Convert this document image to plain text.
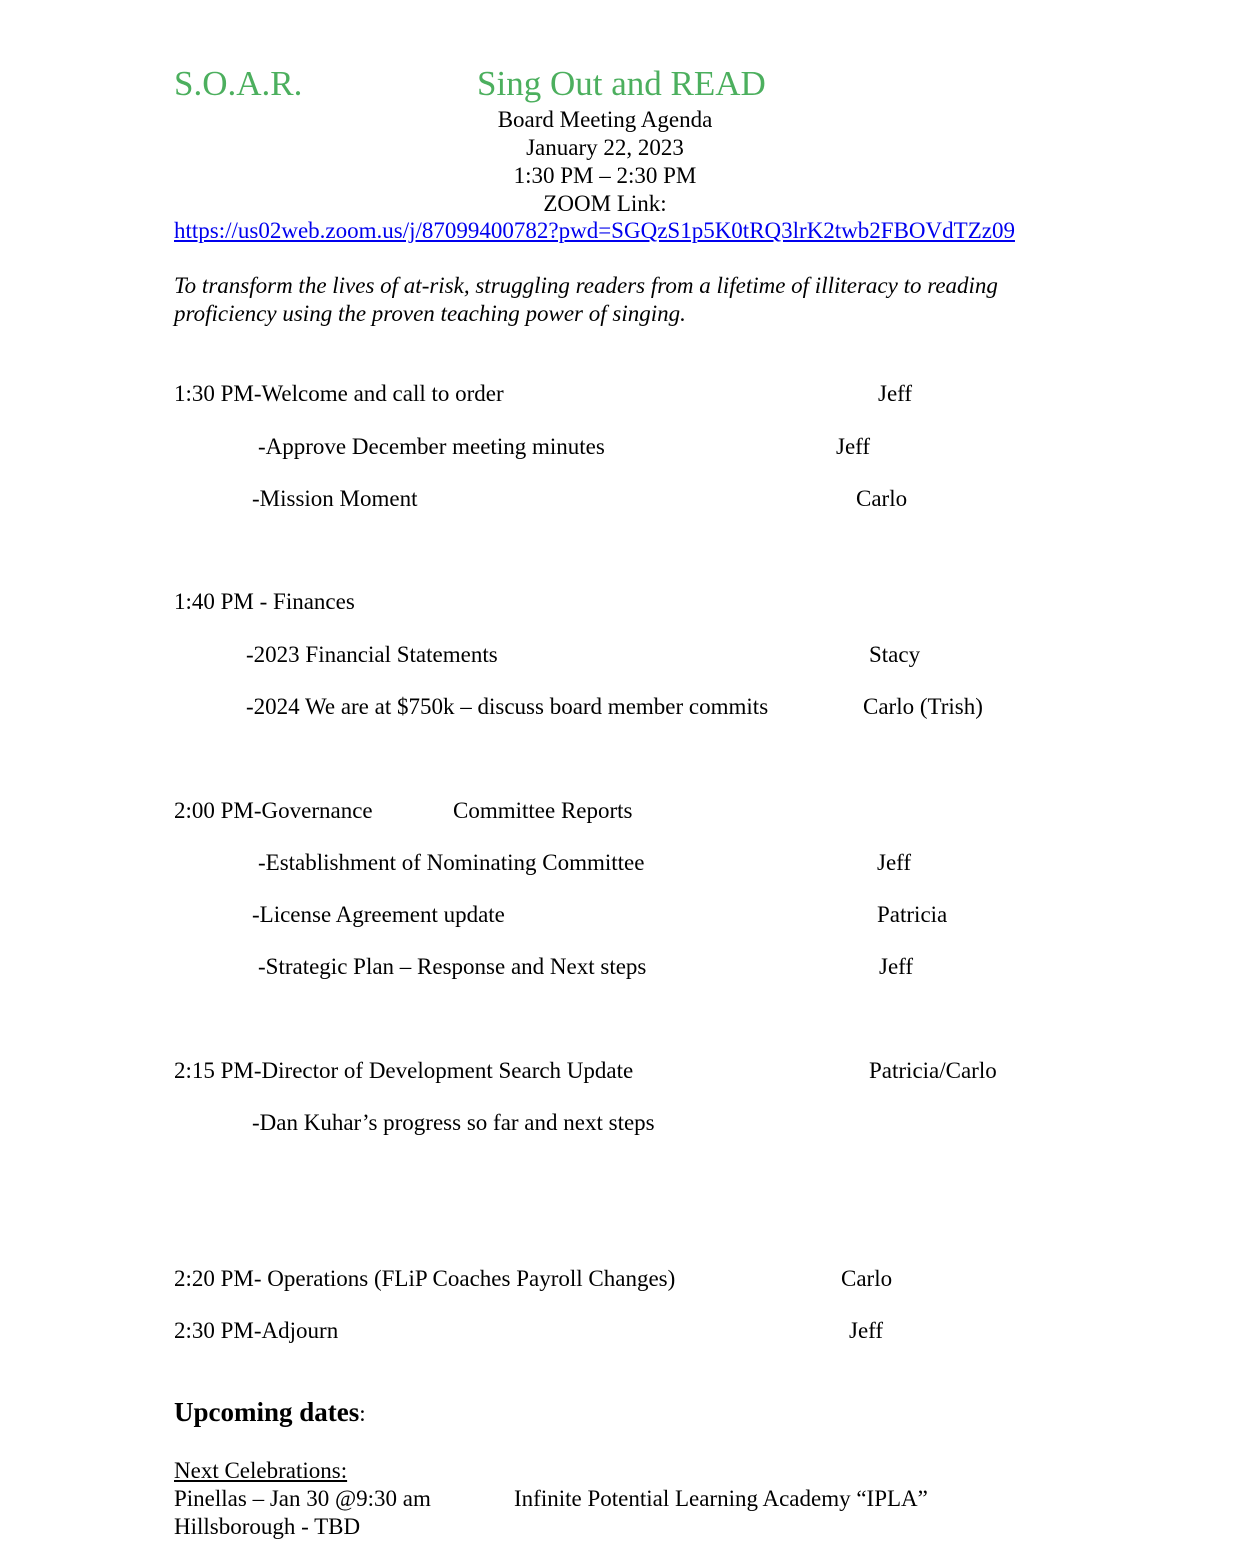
S.O.A.R.	Sing Out and READ
Board Meeting Agenda
January 22, 2023
1:30 PM – 2:30 PM
ZOOM Link:
https://us02web.zoom.us/j/87099400782?pwd=SGQzS1p5K0tRQ3lrK2twb2FBOVdTZz09
To transform the lives of at-risk, struggling readers from a lifetime of illiteracy to reading proficiency using the proven teaching power of singing.
1:30 PM-Welcome and call to order	Jeff
-Approve December meeting minutes	Jeff
-Mission Moment	Carlo
1:40 PM - Finances
-2023 Financial Statements	Stacy
-2024 We are at $750k – discuss board member commits	Carlo (Trish)
2:00 PM-Governance	Committee Reports
-Establishment of Nominating Committee	Jeff
-License Agreement update	Patricia
-Strategic Plan – Response and Next steps	Jeff
2:15 PM-Director of Development Search Update	Patricia/Carlo
-Dan Kuhar’s progress so far and next steps
2:20 PM- Operations (FLiP Coaches Payroll Changes)	Carlo
2:30 PM-Adjourn	Jeff
Upcoming dates:
Next Celebrations:
Pinellas – Jan 30 @9:30 am	Infinite Potential Learning Academy “IPLA”
Hillsborough - TBD
